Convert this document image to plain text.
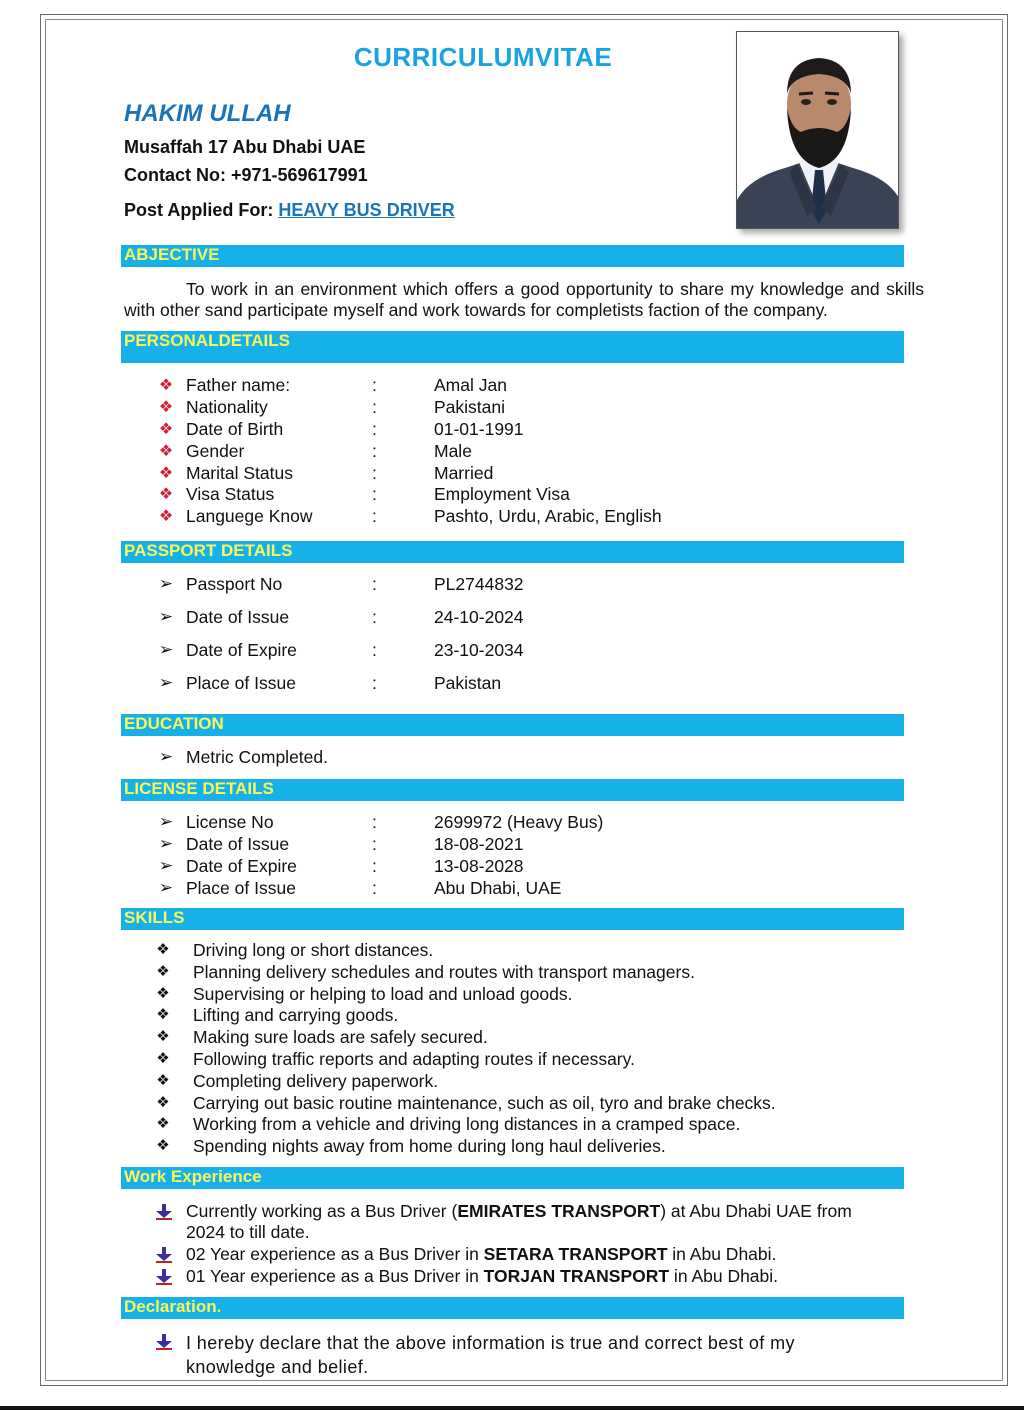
CURRICULUMVITAE
HAKIM ULLAH
Musaffah 17 Abu Dhabi UAE
Contact No: +971-569617991
Post Applied For: HEAVY BUS DRIVER
ABJECTIVE
To work in an environment which offers a good opportunity to share my knowledge and skills with other sand participate myself and work towards for completists faction of the company.
PERSONALDETAILS
❖ Father name:	:	Amal Jan
❖ Nationality	:	Pakistani
❖ Date of Birth	:	01-01-1991
❖ Gender	:	Male
❖ Marital Status	:	Married
❖ Visa Status	:	Employment Visa
❖ Languege Know	:	Pashto, Urdu, Arabic, English
PASSPORT DETAILS
➢ Passport No	:	PL2744832
➢ Date of Issue	:	24-10-2024
➢ Date of Expire	:	23-10-2034
➢ Place of Issue	:	Pakistan
EDUCATION
➢ Metric Completed.
LICENSE DETAILS
➢ License No	:	2699972 (Heavy Bus)
➢ Date of Issue	:	18-08-2021
➢ Date of Expire	:	13-08-2028
➢ Place of Issue	:	Abu Dhabi, UAE
SKILLS
❖ Driving long or short distances.
❖ Planning delivery schedules and routes with transport managers.
❖ Supervising or helping to load and unload goods.
❖ Lifting and carrying goods.
❖ Making sure loads are safely secured.
❖ Following traffic reports and adapting routes if necessary.
❖ Completing delivery paperwork.
❖ Carrying out basic routine maintenance, such as oil, tyro and brake checks.
❖ Working from a vehicle and driving long distances in a cramped space.
❖ Spending nights away from home during long haul deliveries.
Work Experience
Currently working as a Bus Driver (EMIRATES TRANSPORT) at Abu Dhabi UAE from 2024 to till date.
02 Year experience as a Bus Driver in SETARA TRANSPORT in Abu Dhabi.
01 Year experience as a Bus Driver in TORJAN TRANSPORT in Abu Dhabi.
Declaration.
I hereby declare that the above information is true and correct best of my knowledge and belief.
